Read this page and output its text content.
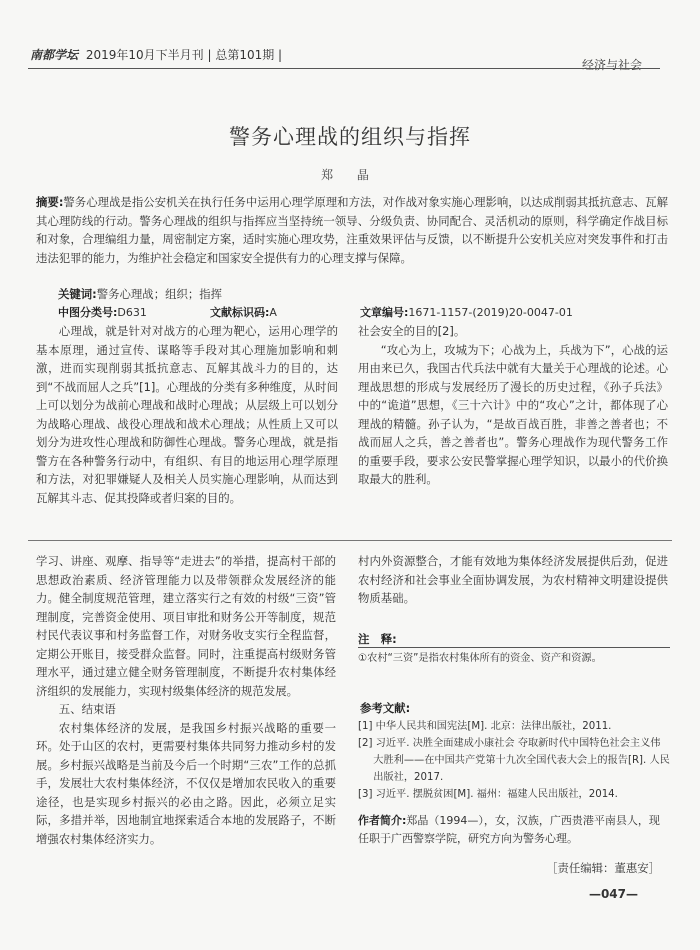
南都学坛 2019年10月下半月刊 | 总第101期 |
经济与社会
警务心理战的组织与指挥
郑 晶
摘要:警务心理战是指公安机关在执行任务中运用心理学原理和方法，对作战对象实施心理影响，以达成削弱其抵抗意志、瓦解其心理防线的行动。警务心理战的组织与指挥应当坚持统一领导、分级负责、协同配合、灵活机动的原则，科学确定作战目标和对象，合理编组力量，周密制定方案，适时实施心理攻势，注重效果评估与反馈，以不断提升公安机关应对突发事件和打击违法犯罪的能力，为维护社会稳定和国家安全提供有力的心理支撑与保障。
关键词:警务心理战；组织；指挥
中图分类号:D631	文献标识码:A	文章编号:1671-1157-(2019)20-0047-01

心理战，就是针对对战方的心理为靶心，运用心理学的基本原理，通过宣传、谋略等手段对其心理施加影响和刺激，进而实现削弱其抵抗意志、瓦解其战斗力的目的，达到“不战而屈人之兵”[1]。心理战的分类有多种维度，从时间上可以划分为战前心理战和战时心理战；从层级上可以划分为战略心理战、战役心理战和战术心理战；从性质上又可以划分为进攻性心理战和防御性心理战。警务心理战，就是指警方在各种警务行动中，有组织、有目的地运用心理学原理和方法，对犯罪嫌疑人及相关人员实施心理影响，从而达到瓦解其斗志、促其投降或者归案的目的。

社会安全的目的[2]。

“攻心为上，攻城为下；心战为上，兵战为下”，心战的运用由来已久，我国古代兵法中就有大量关于心理战的论述。心理战思想的形成与发展经历了漫长的历史过程，《孙子兵法》中的“诡道”思想，《三十六计》中的“攻心”之计，都体现了心理战的精髓。孙子认为，“是故百战百胜，非善之善者也；不战而屈人之兵，善之善者也”。警务心理战作为现代警务工作的重要手段，要求公安民警掌握心理学知识，以最小的代价换取最大的胜利。

学习、讲座、观摩、指导等“走进去”的举措，提高村干部的思想政治素质、经济管理能力以及带领群众发展经济的能力。健全制度规范管理，建立落实行之有效的村级“三资”管理制度，完善资金使用、项目审批和财务公开等制度，规范村民代表议事和村务监督工作，对财务收支实行全程监督，定期公开账目，接受群众监督。同时，注重提高村级财务管理水平，通过建立健全财务管理制度，不断提升农村集体经济组织的发展能力，实现村级集体经济的规范发展。

五、结束语

农村集体经济的发展，是我国乡村振兴战略的重要一环。处于山区的农村，更需要村集体共同努力推动乡村的发展。乡村振兴战略是当前及今后一个时期“三农”工作的总抓手，发展壮大农村集体经济，不仅仅是增加农民收入的重要途径，也是实现乡村振兴的必由之路。因此，必须立足实际，多措并举，因地制宜地探索适合本地的发展路子，不断增强农村集体经济实力。

村内外资源整合，才能有效地为集体经济发展提供后劲，促进农村经济和社会事业全面协调发展，为农村精神文明建设提供物质基础。

注　释:
①农村“三资”是指农村集体所有的资金、资产和资源。
参考文献:
[1] 中华人民共和国宪法[M]. 北京：法律出版社，2011.
[2] 习近平. 决胜全面建成小康社会 夺取新时代中国特色社会主义伟大胜利——在中国共产党第十九次全国代表大会上的报告[R]. 人民出版社，2017.
[3] 习近平. 摆脱贫困[M]. 福州：福建人民出版社，2014.
作者简介:郑晶（1994—），女，汉族，广西贵港平南县人，现任职于广西警察学院，研究方向为警务心理。
［责任编辑：董惠安］
—047—
